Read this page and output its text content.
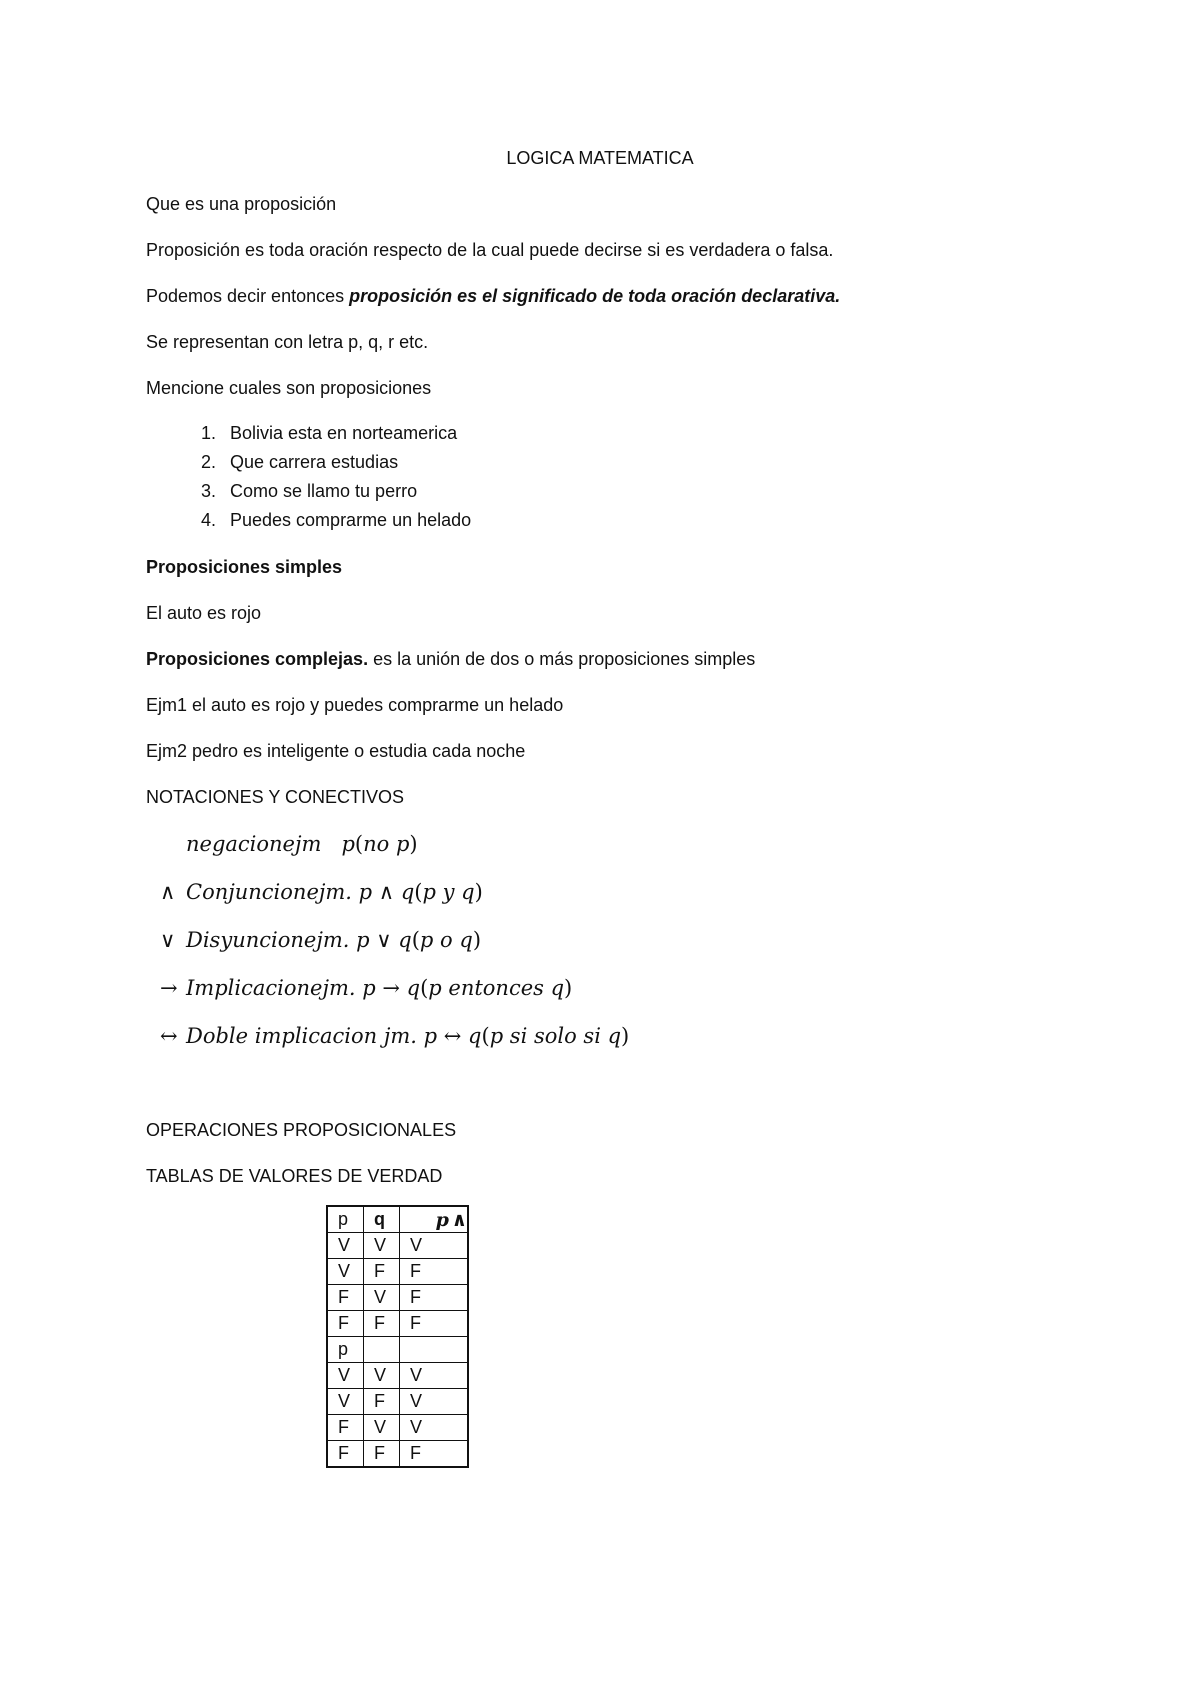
LOGICA MATEMATICA
Que es una proposición
Proposición es toda oración respecto de la cual puede decirse si es verdadera o falsa.
Podemos decir entonces proposición es el significado de toda oración declarativa.
Se representan con letra p, q, r etc.
Mencione cuales son proposiciones
1. Bolivia esta en norteamerica
2. Que carrera estudias
3. Como se llamo tu perro
4. Puedes comprarme un helado
Proposiciones simples
El auto es rojo
Proposiciones complejas. es la unión de dos o más proposiciones simples
Ejm1 el auto es rojo y puedes comprarme un helado
Ejm2 pedro es inteligente o estudia cada noche
NOTACIONES Y CONECTIVOS
negacionejm p(no p)
∧ Conjuncionejm. p ∧ q(p y q)
∨ Disyuncionejm. p ∨ q(p o q)
→ Implicacionejm. p → q(p entonces q)
↔ Doble implicacion jm. p ↔ q(p si solo si q)
OPERACIONES PROPOSICIONALES
TABLAS DE VALORES DE VERDAD
p	q	p ∧
V	V	V
V	F	F
F	V	F
F	F	F
p		
V	V	V
V	F	V
F	V	V
F	F	F
